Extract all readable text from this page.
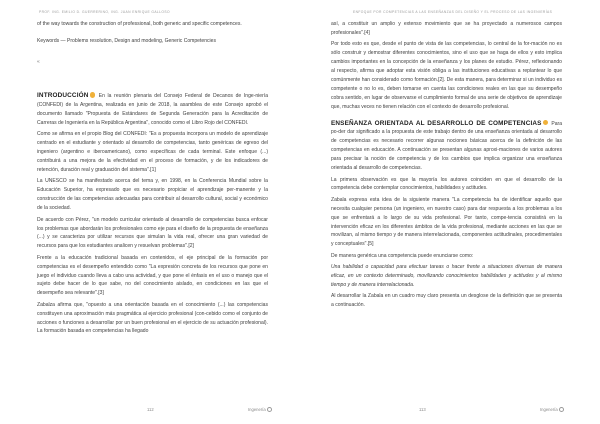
PROF. ING. EMILIO D. GUERRERINO, ING. JUAN ENRIQUE GALLOSO	ENFOQUE POR COMPETENCIAS A LAS ENSEÑANZAS DEL DISEÑO Y EL PROCESO DE LAS INGENIERÍAS

of the way towards the construction of professional, both generic and specific competences.

Keywords — Problems resolution, Design and modeling, Generic Competencies

«

INTRODUCCIÓN En la reunión plenaria del Consejo Federal de Decanos de Inge-niería (CONFEDI) de la Argentina, realizada en junio de 2018, la asamblea de este Consejo aprobó el documento llamado "Propuesta de Estándares de Segunda Generación para la Acreditación de Carreras de Ingeniería en la República Argentina", conocido como el Libro Rojo del CONFEDI.

Como se afirma en el propio Blog del CONFEDI: "Es a propuesta incorpora un modelo de aprendizaje centrado en el estudiante y orientado al desarrollo de competencias, tanto genéricas de egreso del ingeniero (argentino e iberoamericano), como específicas de cada terminal. Este enfoque (...) contribuirá a una mejora de la efectividad en el proceso de formación, y de los indicadores de retención, duración real y graduación del sistema".[1]

La UNESCO se ha manifestado acerca del tema y, en 1998, en la Conferencia Mundial sobre la Educación Superior, ha expresado que es necesario propiciar el aprendizaje per-manente y la construcción de las competencias adecuadas para contribuir al desarrollo cultural, social y económico de la sociedad.

De acuerdo con Pérez, "un modelo curricular orientado al desarrollo de competencias busca enfocar los problemas que abordarán los profesionales como eje para el diseño de la propuesta de enseñanza (...) y se caracteriza por utilizar recursos que simulan la vida real, ofrecer una gran variedad de recursos para que los estudiantes analicen y resuelvan problemas".[2]

Frente a la educación tradicional basada en contenidos, el eje principal de la formación por competencias es el desempeño entendido como "La expresión concreta de los recursos que pone en juego el individuo cuando lleva a cabo una actividad, y que pone el énfasis en el uso o manejo que el sujeto debe hacer de lo que sabe, no del conocimiento aislado, en condiciones en las que el desempeño sea relevante".[3]

Zabalza afirma que, "opuesto a una orientación basada en el conocimiento (...) las competencias constituyen una aproximación más pragmática al ejercicio profesional (con-cebido como el conjunto de acciones o funciones a desarrollar por un buen profesional en el ejercicio de su actuación profesional). La formación basada en competencias ha llegado

así, a constituir un amplio y extenso movimiento que se ha proyectado a numerosos campos profesionales".[4]

Por todo esto es que, desde el punto de vista de las competencias, lo central de la for-mación no es sólo construir y demostrar diferentes conocimientos, sino el uso que se haga de ellos y esto implica cambios importantes en la concepción de la enseñanza y los planes de estudio. Pérez, reflexionando al respecto, afirma que adoptar esta visión obliga a las instituciones educativas a replantear lo que comúnmente han considerado como formación.[2]. De esta manera, para determinar si un individuo es competente o no lo es, deben tomarse en cuenta las condiciones reales en las que su desempeño cobra sentido, en lugar de observarse el cumplimiento formal de una serie de objetivos de aprendizaje que, muchas veces no tienen relación con el contexto de desarrollo profesional.

ENSEÑANZA ORIENTADA AL DESARROLLO DE COMPETENCIAS Para po-der dar significado a la propuesta de este trabajo dentro de una enseñanza orientada al desarrollo de competencias es necesario recorrer algunas nociones básicas acerca de la definición de las competencias en educación. A continuación se presentan algunas aproxi-maciones de varios autores para precisar la noción de competencia y de los cambios que implica organizar una enseñanza orientada al desarrollo de competencias.

La primera observación es que la mayoría los autores coinciden en que el desarrollo de la competencia debe contemplar conocimientos, habilidades y actitudes.

Zabala expresa esta idea de la siguiente manera "La competencia ha de identificar aquello que necesita cualquier persona (un ingeniero, en nuestro caso) para dar respuesta a los problemas a los que se enfrentará a lo largo de su vida profesional. Por tanto, compe-tencia consistirá en la intervención eficaz en los diferentes ámbitos de la vida profesional, mediante acciones en las que se movilizan, al mismo tiempo y de manera interrelacionada, componentes actitudinales, procedimentales y conceptuales".[5]

De manera genérica una competencia puede enunciarse como:

Una habilidad o capacidad para efectuar tareas o hacer frente a situaciones diversas de manera eficaz, en un contexto determinado, movilizando conocimientos habilidades y actitudes y al mismo tiempo y de manera interrelacionada.

Al desarrollar la Zabala en un cuadro muy claro presenta un desglose de la definición que se presenta a continuación.

112	Ingenería	113	Ingenería
